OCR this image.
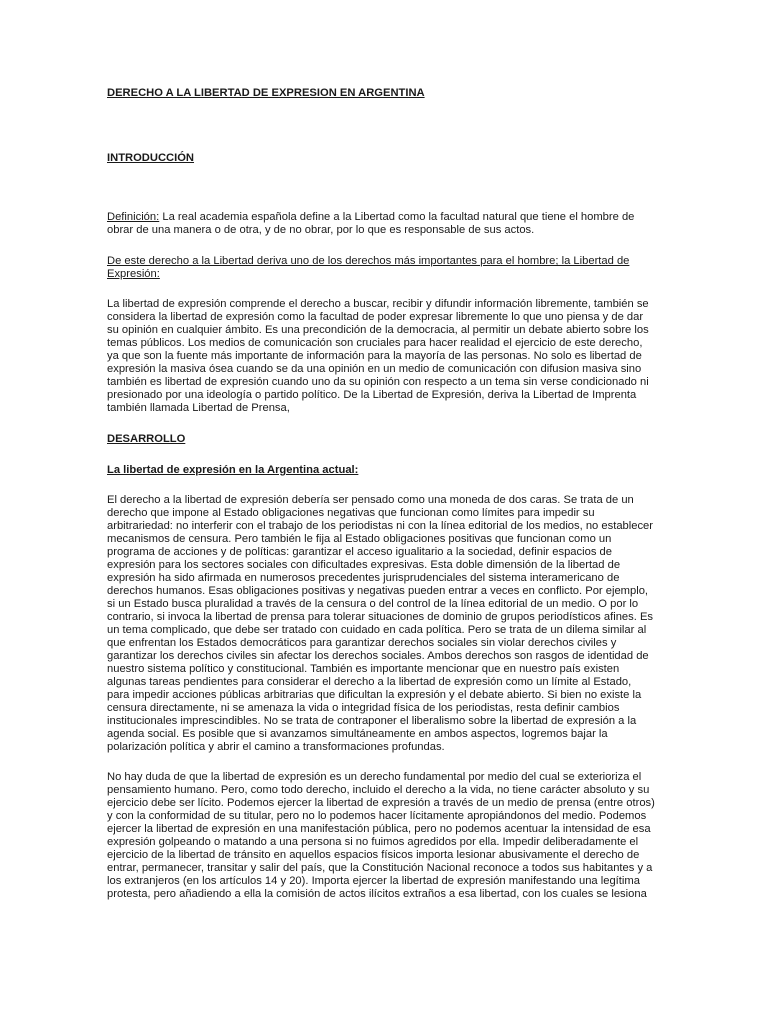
DERECHO A LA LIBERTAD DE EXPRESION EN ARGENTINA
INTRODUCCIÓN
Definición: La real academia española define a la Libertad como la facultad natural que tiene el hombre de
obrar de una manera o de otra, y de no obrar, por lo que es responsable de sus actos.
De este derecho a la Libertad deriva uno de los derechos más importantes para el hombre; la Libertad de
Expresión:
La libertad de expresión comprende el derecho a buscar, recibir y difundir información libremente, también se
considera la libertad de expresión como la facultad de poder expresar libremente lo que uno piensa y de dar
su opinión en cualquier ámbito. Es una precondición de la democracia, al permitir un debate abierto sobre los
temas públicos. Los medios de comunicación son cruciales para hacer realidad el ejercicio de este derecho,
ya que son la fuente más importante de información para la mayoría de las personas. No solo es libertad de
expresión la masiva ósea cuando se da una opinión en un medio de comunicación con difusion masiva sino
también es libertad de expresión cuando uno da su opinión con respecto a un tema sin verse condicionado ni
presionado por una ideología o partido político. De la Libertad de Expresión, deriva la Libertad de Imprenta
también llamada Libertad de Prensa,
DESARROLLO
La libertad de expresión en la Argentina actual:
El derecho a la libertad de expresión debería ser pensado como una moneda de dos caras. Se trata de un
derecho que impone al Estado obligaciones negativas que funcionan como límites para impedir su
arbitrariedad: no interferir con el trabajo de los periodistas ni con la línea editorial de los medios, no establecer
mecanismos de censura. Pero también le fija al Estado obligaciones positivas que funcionan como un
programa de acciones y de políticas: garantizar el acceso igualitario a la sociedad, definir espacios de
expresión para los sectores sociales con dificultades expresivas. Esta doble dimensión de la libertad de
expresión ha sido afirmada en numerosos precedentes jurisprudenciales del sistema interamericano de
derechos humanos. Esas obligaciones positivas y negativas pueden entrar a veces en conflicto. Por ejemplo,
si un Estado busca pluralidad a través de la censura o del control de la línea editorial de un medio. O por lo
contrario, si invoca la libertad de prensa para tolerar situaciones de dominio de grupos periodísticos afines. Es
un tema complicado, que debe ser tratado con cuidado en cada política. Pero se trata de un dilema similar al
que enfrentan los Estados democráticos para garantizar derechos sociales sin violar derechos civiles y
garantizar los derechos civiles sin afectar los derechos sociales. Ambos derechos son rasgos de identidad de
nuestro sistema político y constitucional. También es importante mencionar que en nuestro país existen
algunas tareas pendientes para considerar el derecho a la libertad de expresión como un límite al Estado,
para impedir acciones públicas arbitrarias que dificultan la expresión y el debate abierto. Si bien no existe la
censura directamente, ni se amenaza la vida o integridad física de los periodistas, resta definir cambios
institucionales imprescindibles. No se trata de contraponer el liberalismo sobre la libertad de expresión a la
agenda social. Es posible que si avanzamos simultáneamente en ambos aspectos, logremos bajar la
polarización política y abrir el camino a transformaciones profundas.
No hay duda de que la libertad de expresión es un derecho fundamental por medio del cual se exterioriza el
pensamiento humano. Pero, como todo derecho, incluido el derecho a la vida, no tiene carácter absoluto y su
ejercicio debe ser lícito. Podemos ejercer la libertad de expresión a través de un medio de prensa (entre otros)
y con la conformidad de su titular, pero no lo podemos hacer lícitamente apropiándonos del medio. Podemos
ejercer la libertad de expresión en una manifestación pública, pero no podemos acentuar la intensidad de esa
expresión golpeando o matando a una persona si no fuimos agredidos por ella. Impedir deliberadamente el
ejercicio de la libertad de tránsito en aquellos espacios físicos importa lesionar abusivamente el derecho de
entrar, permanecer, transitar y salir del país, que la Constitución Nacional reconoce a todos sus habitantes y a
los extranjeros (en los artículos 14 y 20). Importa ejercer la libertad de expresión manifestando una legítima
protesta, pero añadiendo a ella la comisión de actos ilícitos extraños a esa libertad, con los cuales se lesiona
